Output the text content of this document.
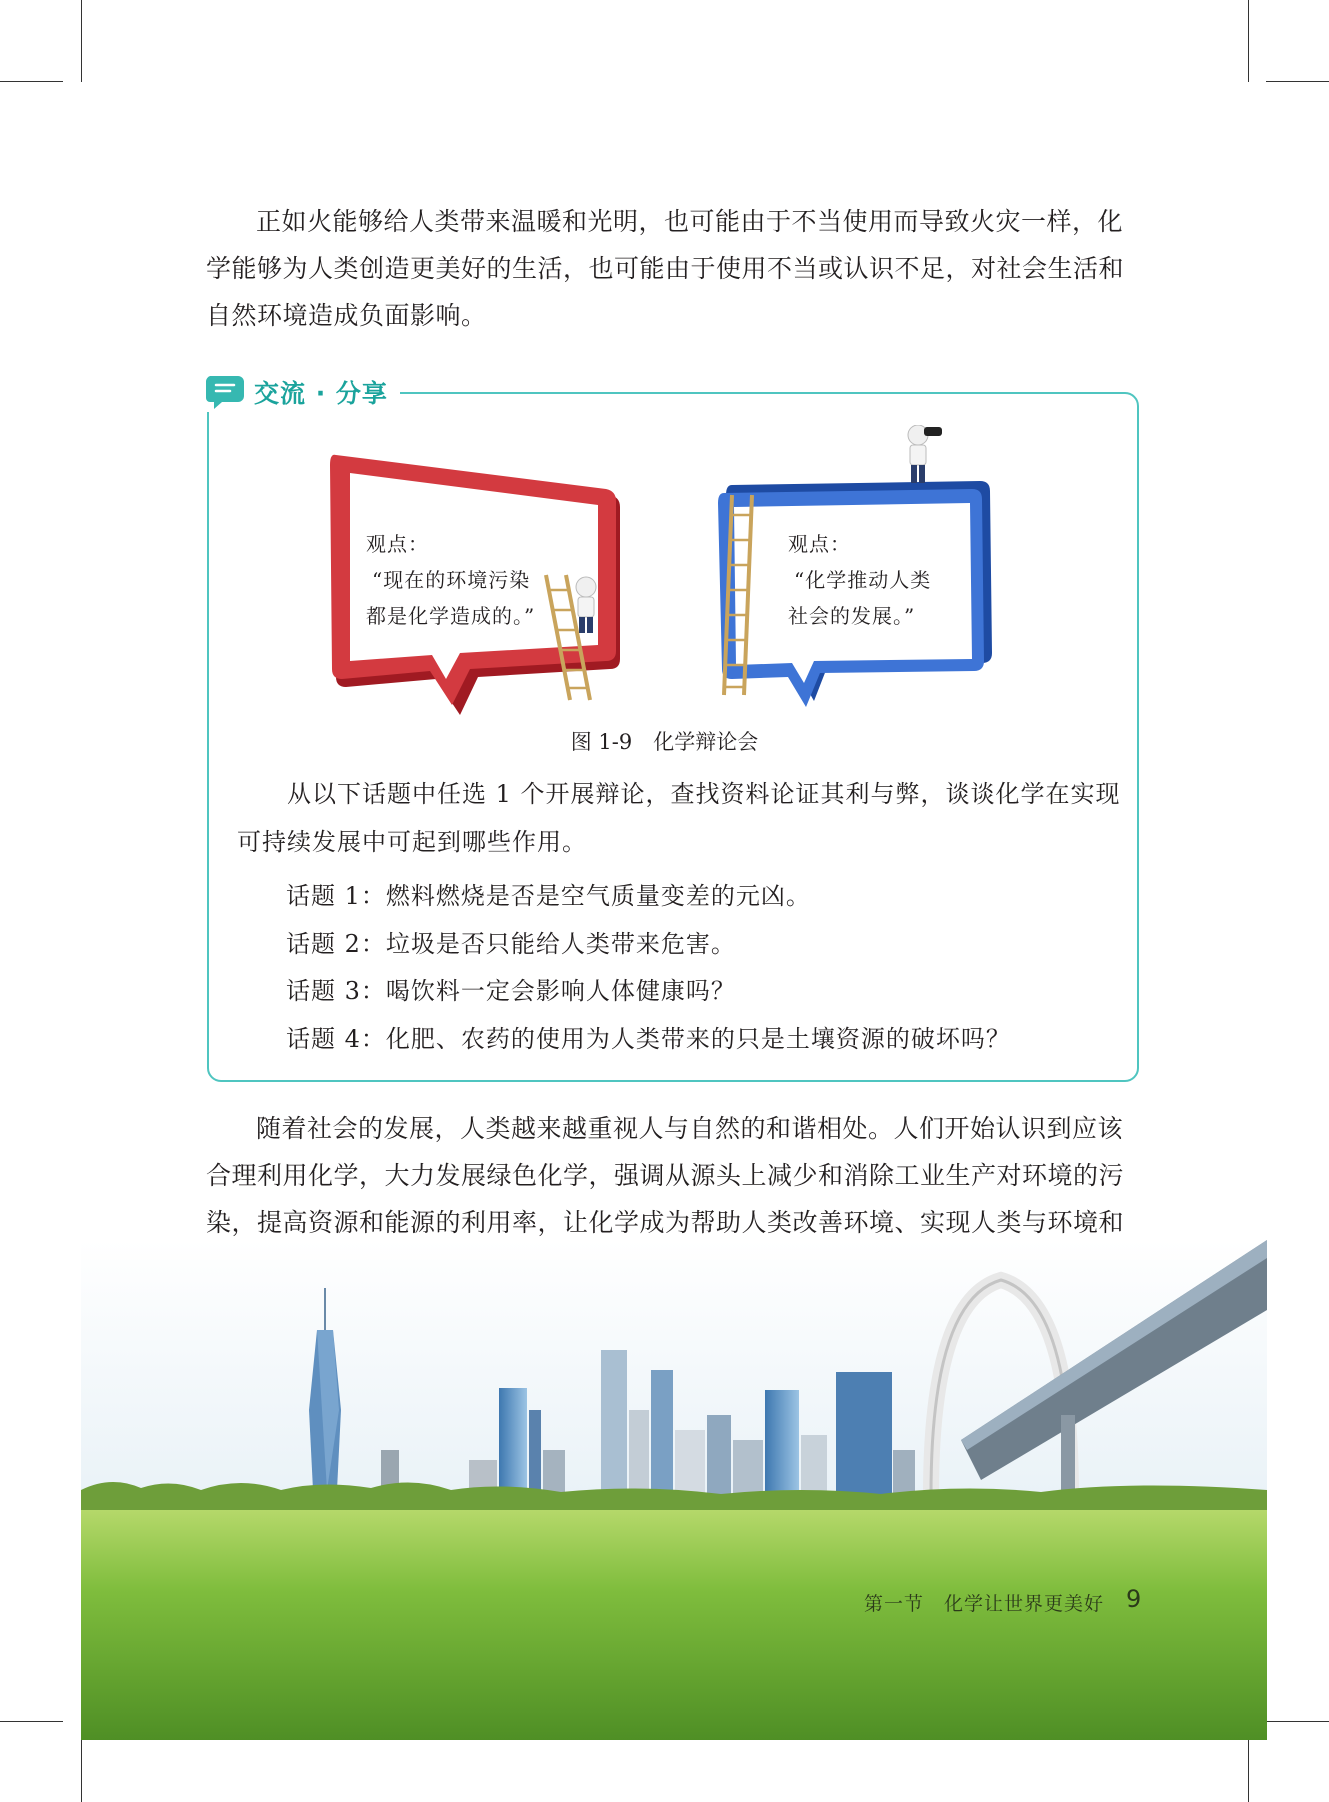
正如火能够给人类带来温暖和光明，也可能由于不当使用而导致火灾一样，化学能够为人类创造更美好的生活，也可能由于使用不当或认识不足，对社会生活和自然环境造成负面影响。

交流 · 分享
观点：
“现在的环境污染
都是化学造成的。”
观点：
“化学推动人类
社会的发展。”
图 1-9　化学辩论会

从以下话题中任选 1 个开展辩论，查找资料论证其利与弊，谈谈化学在实现可持续发展中可起到哪些作用。

话题 1：燃料燃烧是否是空气质量变差的元凶。

话题 2：垃圾是否只能给人类带来危害。

话题 3：喝饮料一定会影响人体健康吗？

话题 4：化肥、农药的使用为人类带来的只是土壤资源的破坏吗？

随着社会的发展，人类越来越重视人与自然的和谐相处。人们开始认识到应该合理利用化学，大力发展绿色化学，强调从源头上减少和消除工业生产对环境的污染，提高资源和能源的利用率，让化学成为帮助人类改善环境、实现人类与环境和

第一节　化学让世界更美好 9
